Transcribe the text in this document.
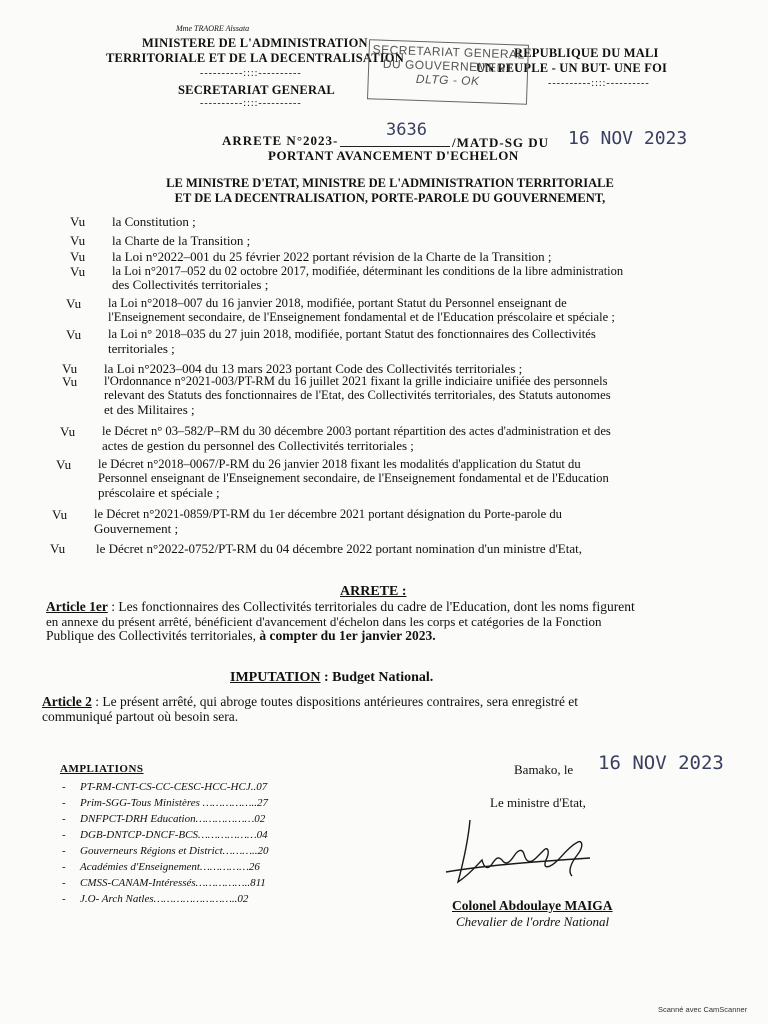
Mme TRAORE Aïssata
MINISTERE DE L'ADMINISTRATION
TERRITORIALE ET DE LA DECENTRALISATION
----------::::----------
SECRETARIAT GENERAL
----------::::----------
REPUBLIQUE DU MALI
UN PEUPLE - UN BUT- UNE FOI
----------::::----------
SECRETARIAT GENERAL
DU GOUVERNEMENT
DLTG - OK
ARRETE N°2023-
3636
/MATD-SG DU 16 NOV 2023
PORTANT AVANCEMENT D'ECHELON
LE MINISTRE D'ETAT, MINISTRE DE L'ADMINISTRATION TERRITORIALE
ET DE LA DECENTRALISATION, PORTE-PAROLE DU GOUVERNEMENT,
Vu la Constitution ;
Vu la Charte de la Transition ;
Vu la Loi n°2022–001 du 25 février 2022 portant révision de la Charte de la Transition ;
Vu la Loi n°2017–052 du 02 octobre 2017, modifiée, déterminant les conditions de la libre administration
des Collectivités territoriales ;
Vu la Loi n°2018–007 du 16 janvier 2018, modifiée, portant Statut du Personnel enseignant de
l'Enseignement secondaire, de l'Enseignement fondamental et de l'Education préscolaire et spéciale ;
Vu la Loi n° 2018–035 du 27 juin 2018, modifiée, portant Statut des fonctionnaires des Collectivités
territoriales ;
Vu la Loi n°2023–004 du 13 mars 2023 portant Code des Collectivités territoriales ;
Vu l'Ordonnance n°2021-003/PT-RM du 16 juillet 2021 fixant la grille indiciaire unifiée des personnels
relevant des Statuts des fonctionnaires de l'Etat, des Collectivités territoriales, des Statuts autonomes
et des Militaires ;
Vu le Décret n° 03–582/P–RM du 30 décembre 2003 portant répartition des actes d'administration et des
actes de gestion du personnel des Collectivités territoriales ;
Vu le Décret n°2018–0067/P-RM du 26 janvier 2018 fixant les modalités d'application du Statut du
Personnel enseignant de l'Enseignement secondaire, de l'Enseignement fondamental et de l'Education
préscolaire et spéciale ;
Vu le Décret n°2021-0859/PT-RM du 1er décembre 2021 portant désignation du Porte-parole du
Gouvernement ;
Vu le Décret n°2022-0752/PT-RM du 04 décembre 2022 portant nomination d'un ministre d'Etat,
ARRETE :
Article 1er : Les fonctionnaires des Collectivités territoriales du cadre de l'Education, dont les noms figurent
en annexe du présent arrêté, bénéficient d'avancement d'échelon dans les corps et catégories de la Fonction
Publique des Collectivités territoriales, à compter du 1er janvier 2023.
IMPUTATION : Budget National.
Article 2 : Le présent arrêté, qui abroge toutes dispositions antérieures contraires, sera enregistré et
communiqué partout où besoin sera.
AMPLIATIONS
-	PT-RM-CNT-CS-CC-CESC-HCC-HCJ..07
-	Prim-SGG-Tous Ministères ……………..27
-	DNFPCT-DRH Education………………02
-	DGB-DNTCP-DNCF-BCS………………04
-	Gouverneurs Régions et District………..20
-	Académies d'Enseignement……………26
-	CMSS-CANAM-Intéressés……………..811
-	J.O- Arch Natles……………………..02
Bamako, le 16 NOV 2023
Le ministre d'Etat,
Colonel Abdoulaye MAIGA
Chevalier de l'ordre National
Scanné avec CamScanner
